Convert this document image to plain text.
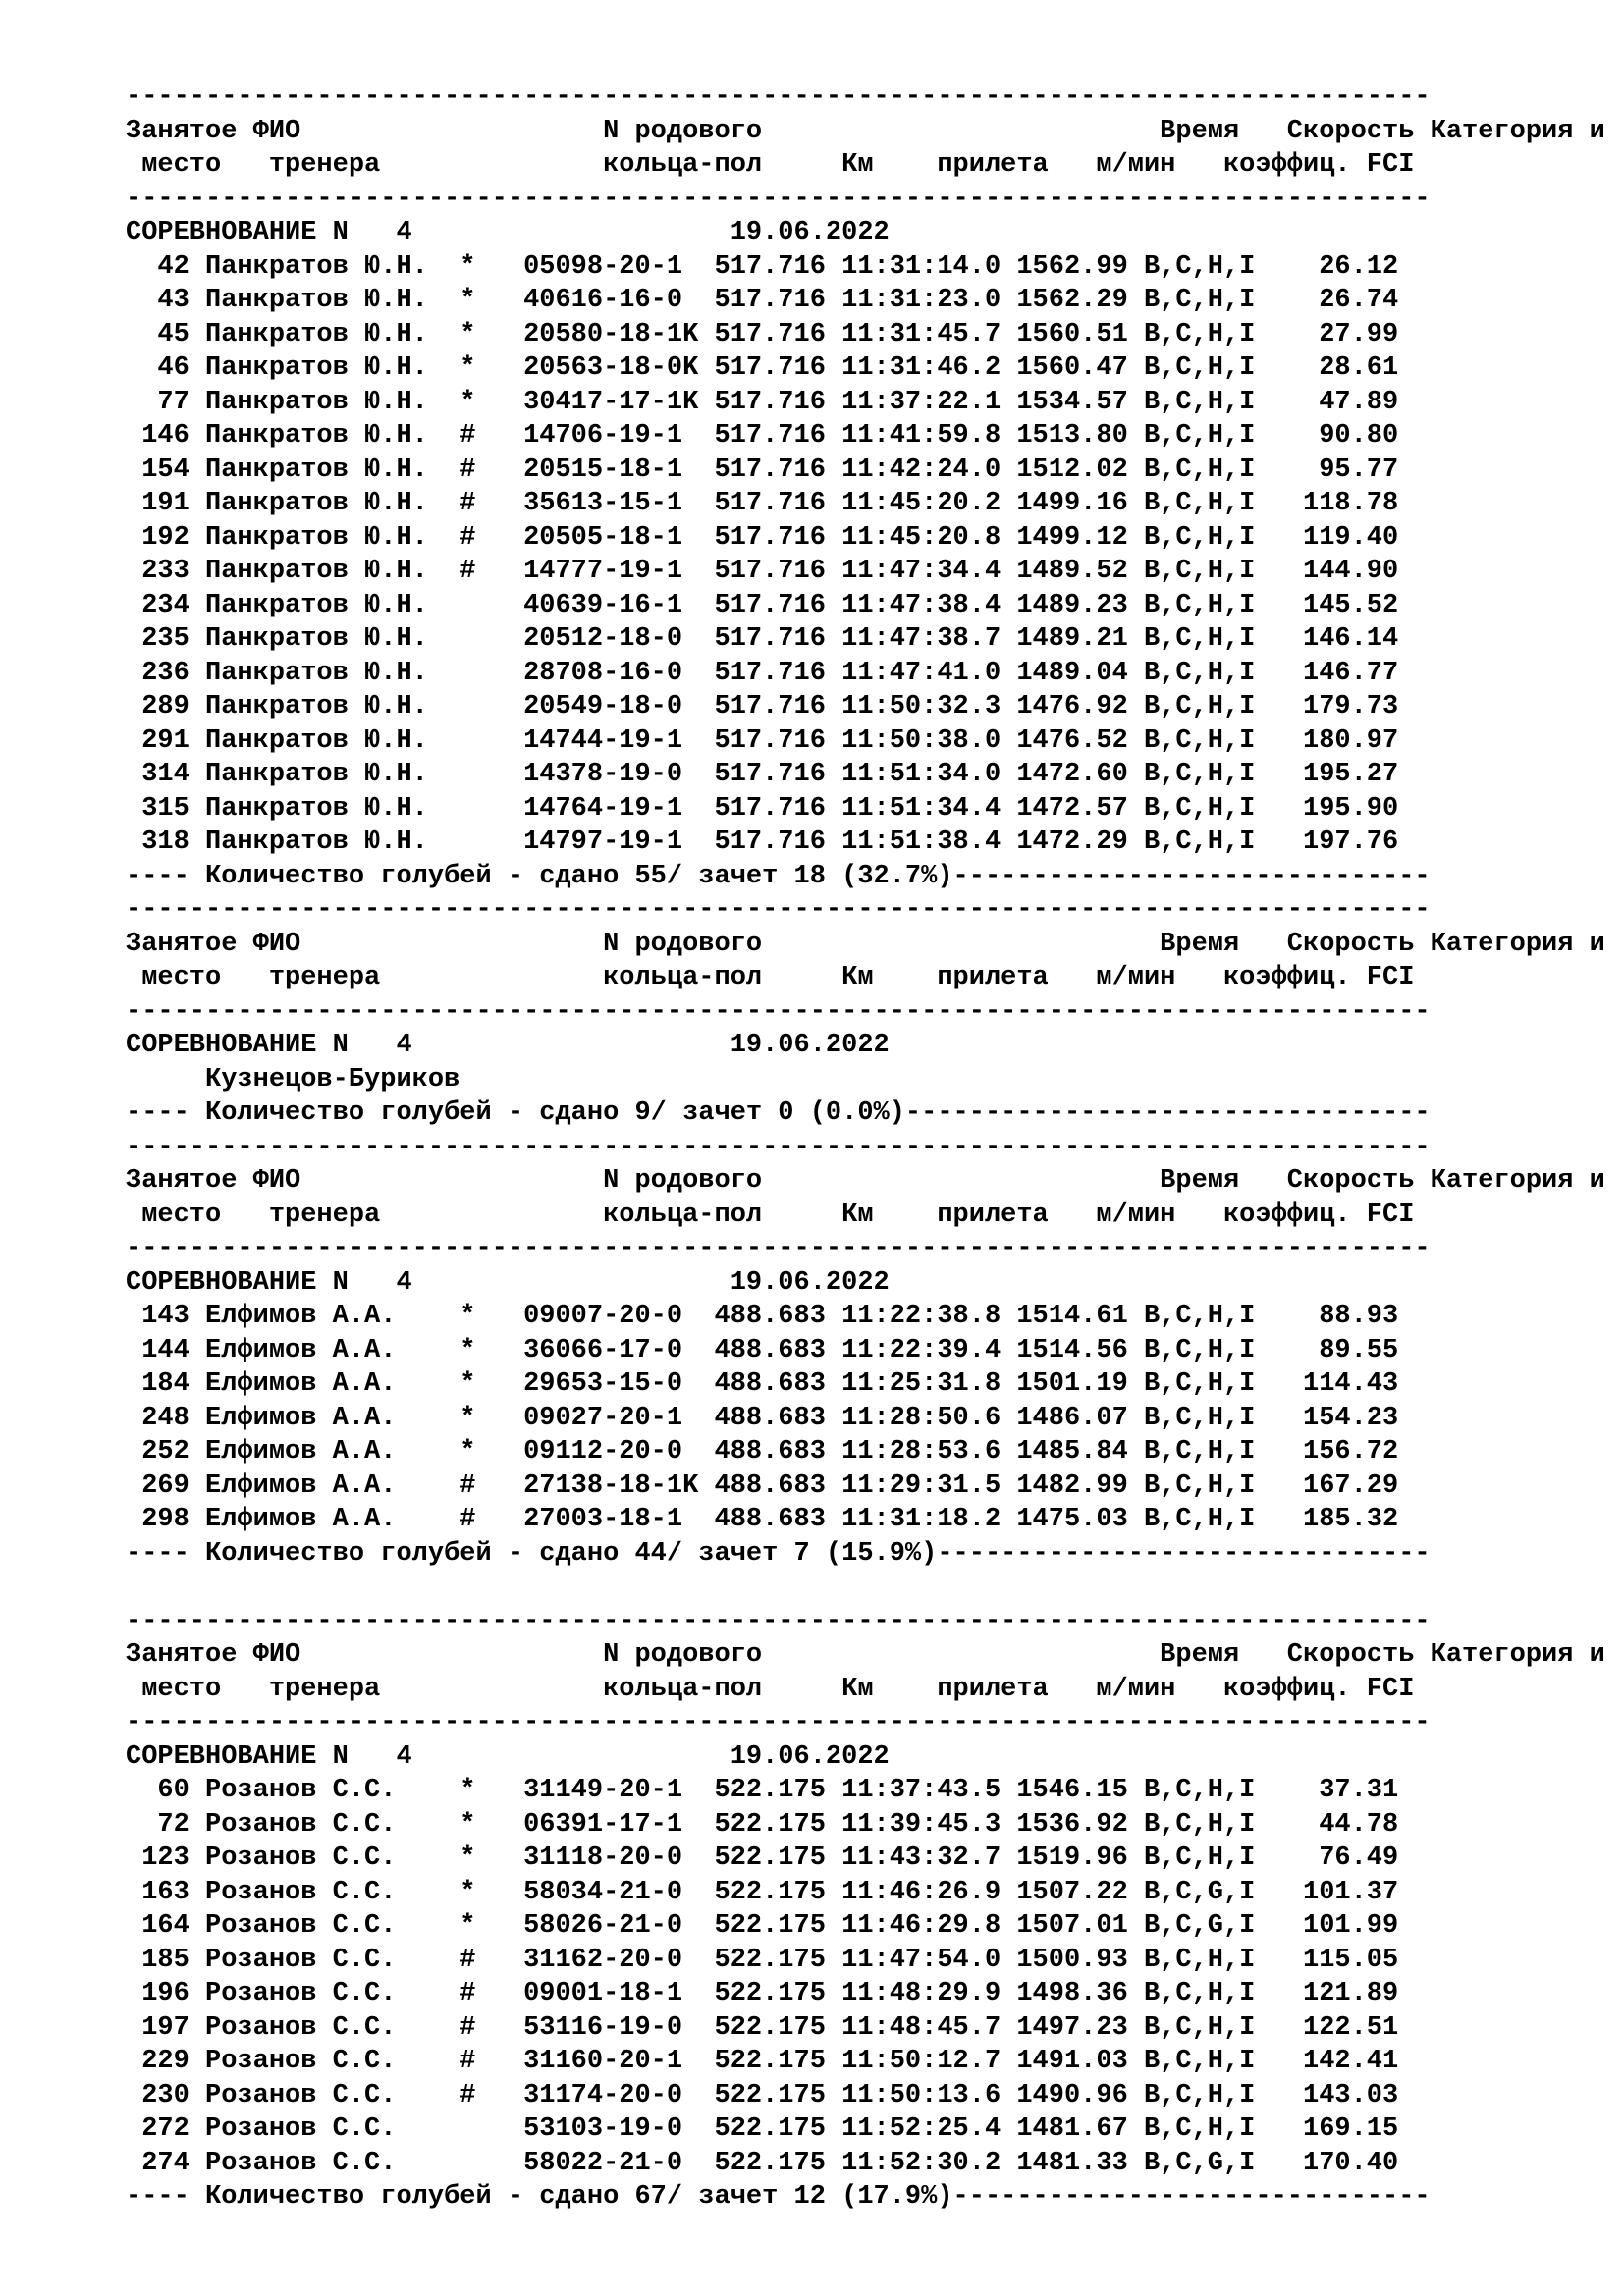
----------------------------------------------------------------------------------
Занятое ФИО                   N родового                         Время   Скорость Категория и
место   тренера              кольца-пол     Км    прилета   м/мин   коэффиц. FCI
----------------------------------------------------------------------------------
СОРЕВНОВАНИЕ N   4                    19.06.2022
42 Панкратов Ю.Н.  *   05098-20-1  517.716 11:31:14.0 1562.99 B,C,H,I    26.12
43 Панкратов Ю.Н.  *   40616-16-0  517.716 11:31:23.0 1562.29 B,C,H,I    26.74
45 Панкратов Ю.Н.  *   20580-18-1K 517.716 11:31:45.7 1560.51 B,C,H,I    27.99
46 Панкратов Ю.Н.  *   20563-18-0K 517.716 11:31:46.2 1560.47 B,C,H,I    28.61
77 Панкратов Ю.Н.  *   30417-17-1K 517.716 11:37:22.1 1534.57 B,C,H,I    47.89
146 Панкратов Ю.Н.  #   14706-19-1  517.716 11:41:59.8 1513.80 B,C,H,I    90.80
154 Панкратов Ю.Н.  #   20515-18-1  517.716 11:42:24.0 1512.02 B,C,H,I    95.77
191 Панкратов Ю.Н.  #   35613-15-1  517.716 11:45:20.2 1499.16 B,C,H,I   118.78
192 Панкратов Ю.Н.  #   20505-18-1  517.716 11:45:20.8 1499.12 B,C,H,I   119.40
233 Панкратов Ю.Н.  #   14777-19-1  517.716 11:47:34.4 1489.52 B,C,H,I   144.90
234 Панкратов Ю.Н.      40639-16-1  517.716 11:47:38.4 1489.23 B,C,H,I   145.52
235 Панкратов Ю.Н.      20512-18-0  517.716 11:47:38.7 1489.21 B,C,H,I   146.14
236 Панкратов Ю.Н.      28708-16-0  517.716 11:47:41.0 1489.04 B,C,H,I   146.77
289 Панкратов Ю.Н.      20549-18-0  517.716 11:50:32.3 1476.92 B,C,H,I   179.73
291 Панкратов Ю.Н.      14744-19-1  517.716 11:50:38.0 1476.52 B,C,H,I   180.97
314 Панкратов Ю.Н.      14378-19-0  517.716 11:51:34.0 1472.60 B,C,H,I   195.27
315 Панкратов Ю.Н.      14764-19-1  517.716 11:51:34.4 1472.57 B,C,H,I   195.90
318 Панкратов Ю.Н.      14797-19-1  517.716 11:51:38.4 1472.29 B,C,H,I   197.76
---- Количество голубей - сдано 55/ зачет 18 (32.7%)------------------------------
----------------------------------------------------------------------------------
Занятое ФИО                   N родового                         Время   Скорость Категория и
место   тренера              кольца-пол     Км    прилета   м/мин   коэффиц. FCI
----------------------------------------------------------------------------------
СОРЕВНОВАНИЕ N   4                    19.06.2022
Кузнецов-Буриков
---- Количество голубей - сдано 9/ зачет 0 (0.0%)---------------------------------
----------------------------------------------------------------------------------
Занятое ФИО                   N родового                         Время   Скорость Категория и
место   тренера              кольца-пол     Км    прилета   м/мин   коэффиц. FCI
----------------------------------------------------------------------------------
СОРЕВНОВАНИЕ N   4                    19.06.2022
143 Елфимов А.А.    *   09007-20-0  488.683 11:22:38.8 1514.61 B,C,H,I    88.93
144 Елфимов А.А.    *   36066-17-0  488.683 11:22:39.4 1514.56 B,C,H,I    89.55
184 Елфимов А.А.    *   29653-15-0  488.683 11:25:31.8 1501.19 B,C,H,I   114.43
248 Елфимов А.А.    *   09027-20-1  488.683 11:28:50.6 1486.07 B,C,H,I   154.23
252 Елфимов А.А.    *   09112-20-0  488.683 11:28:53.6 1485.84 B,C,H,I   156.72
269 Елфимов А.А.    #   27138-18-1K 488.683 11:29:31.5 1482.99 B,C,H,I   167.29
298 Елфимов А.А.    #   27003-18-1  488.683 11:31:18.2 1475.03 B,C,H,I   185.32
---- Количество голубей - сдано 44/ зачет 7 (15.9%)-------------------------------
----------------------------------------------------------------------------------
Занятое ФИО                   N родового                         Время   Скорость Категория и
место   тренера              кольца-пол     Км    прилета   м/мин   коэффиц. FCI
----------------------------------------------------------------------------------
СОРЕВНОВАНИЕ N   4                    19.06.2022
60 Розанов С.С.    *   31149-20-1  522.175 11:37:43.5 1546.15 B,C,H,I    37.31
72 Розанов С.С.    *   06391-17-1  522.175 11:39:45.3 1536.92 B,C,H,I    44.78
123 Розанов С.С.    *   31118-20-0  522.175 11:43:32.7 1519.96 B,C,H,I    76.49
163 Розанов С.С.    *   58034-21-0  522.175 11:46:26.9 1507.22 B,C,G,I   101.37
164 Розанов С.С.    *   58026-21-0  522.175 11:46:29.8 1507.01 B,C,G,I   101.99
185 Розанов С.С.    #   31162-20-0  522.175 11:47:54.0 1500.93 B,C,H,I   115.05
196 Розанов С.С.    #   09001-18-1  522.175 11:48:29.9 1498.36 B,C,H,I   121.89
197 Розанов С.С.    #   53116-19-0  522.175 11:48:45.7 1497.23 B,C,H,I   122.51
229 Розанов С.С.    #   31160-20-1  522.175 11:50:12.7 1491.03 B,C,H,I   142.41
230 Розанов С.С.    #   31174-20-0  522.175 11:50:13.6 1490.96 B,C,H,I   143.03
272 Розанов С.С.        53103-19-0  522.175 11:52:25.4 1481.67 B,C,H,I   169.15
274 Розанов С.С.        58022-21-0  522.175 11:52:30.2 1481.33 B,C,G,I   170.40
---- Количество голубей - сдано 67/ зачет 12 (17.9%)------------------------------
